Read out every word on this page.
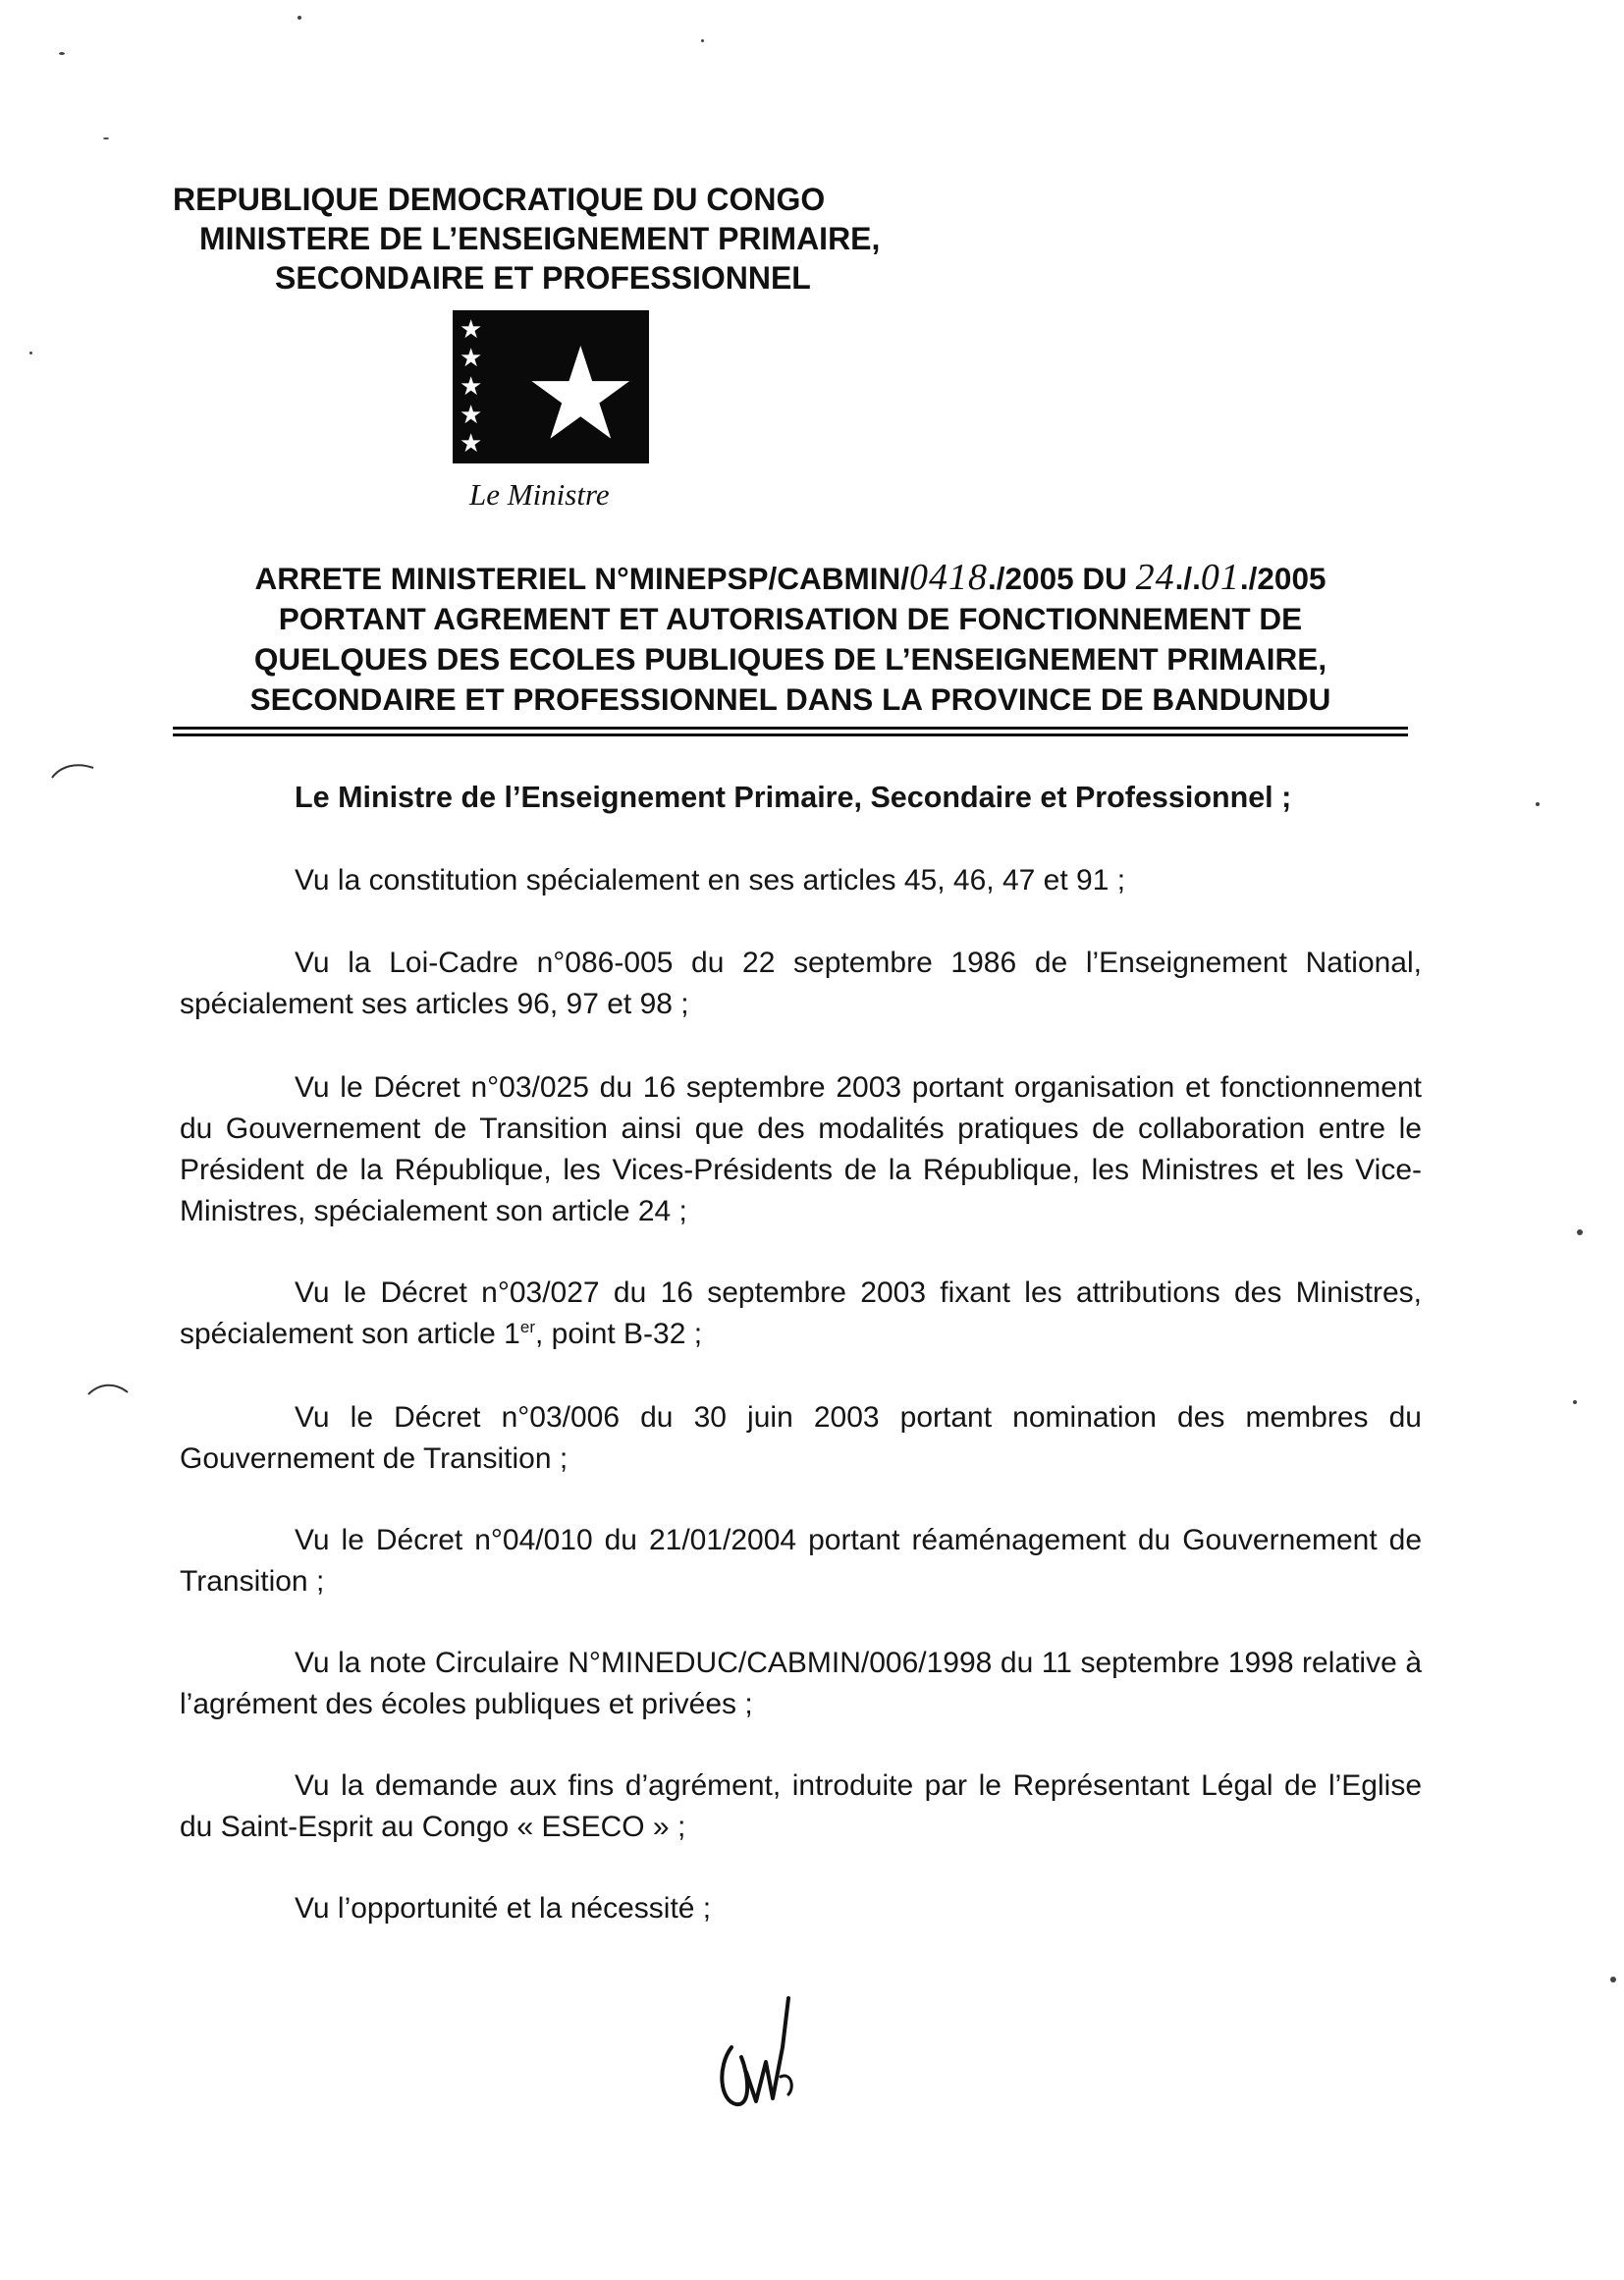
REPUBLIQUE DEMOCRATIQUE DU CONGO
MINISTERE DE L’ENSEIGNEMENT PRIMAIRE,
SECONDAIRE ET PROFESSIONNEL
★
★
★
★
★ ★
Le Ministre
ARRETE MINISTERIEL N°MINEPSP/CABMIN/0418./2005 DU 24./.01./2005
PORTANT AGREMENT ET AUTORISATION DE FONCTIONNEMENT DE
QUELQUES DES ECOLES PUBLIQUES DE L’ENSEIGNEMENT PRIMAIRE,
SECONDAIRE ET PROFESSIONNEL DANS LA PROVINCE DE BANDUNDU
Le Ministre de l’Enseignement Primaire, Secondaire et Professionnel ;
Vu la constitution spécialement en ses articles 45, 46, 47 et 91 ;
Vu la Loi-Cadre n°086-005 du 22 septembre 1986 de l’Enseignement National, spécialement ses articles 96, 97 et 98 ;
Vu le Décret n°03/025 du 16 septembre 2003 portant organisation et fonctionnement du Gouvernement de Transition ainsi que des modalités pratiques de collaboration entre le Président de la République, les Vices-Présidents de la République, les Ministres et les Vice-Ministres, spécialement son article 24 ;
Vu le Décret n°03/027 du 16 septembre 2003 fixant les attributions des Ministres, spécialement son article 1er, point B-32 ;
Vu le Décret n°03/006 du 30 juin 2003 portant nomination des membres du Gouvernement de Transition ;
Vu le Décret n°04/010 du 21/01/2004 portant réaménagement du Gouvernement de Transition ;
Vu la note Circulaire N°MINEDUC/CABMIN/006/1998 du 11 septembre 1998 relative à l’agrément des écoles publiques et privées ;
Vu la demande aux fins d’agrément, introduite par le Représentant Légal de l’Eglise du Saint-Esprit au Congo « ESECO » ;
Vu l’opportunité et la nécessité ;
